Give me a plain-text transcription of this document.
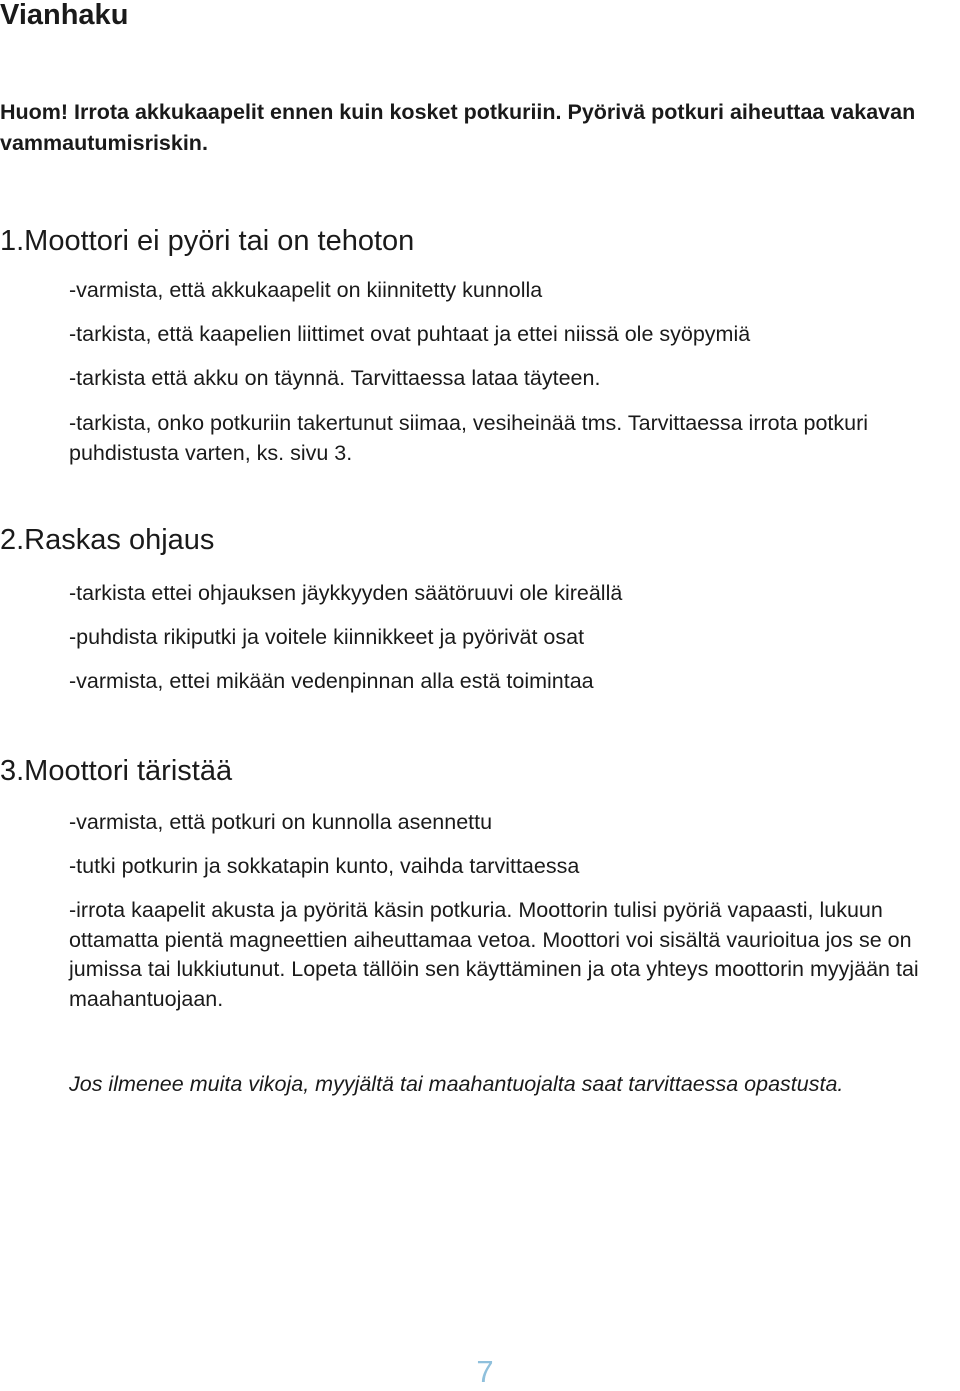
Vianhaku

Huom! Irrota akkukaapelit ennen kuin kosket potkuriin. Pyörivä potkuri aiheuttaa vakavan vammautumisriskin.

1.Moottori ei pyöri tai on tehoton

-varmista, että akkukaapelit on kiinnitetty kunnolla

-tarkista, että kaapelien liittimet ovat puhtaat ja ettei niissä ole syöpymiä

-tarkista että akku on täynnä. Tarvittaessa lataa täyteen.

-tarkista, onko potkuriin takertunut siimaa, vesiheinää tms. Tarvittaessa irrota potkuri puhdistusta varten, ks. sivu 3.

2.Raskas ohjaus

-tarkista ettei ohjauksen jäykkyyden säätöruuvi ole kireällä

-puhdista rikiputki ja voitele kiinnikkeet ja pyörivät osat

-varmista, ettei mikään vedenpinnan alla estä toimintaa

3.Moottori täristää

-varmista, että potkuri on kunnolla asennettu

-tutki potkurin ja sokkatapin kunto, vaihda tarvittaessa

-irrota kaapelit akusta ja pyöritä käsin potkuria. Moottorin tulisi pyöriä vapaasti, lukuun ottamatta pientä magneettien aiheuttamaa vetoa. Moottori voi sisältä vaurioitua jos se on jumissa tai lukkiutunut. Lopeta tällöin sen käyttäminen ja ota yhteys moottorin myyjään tai maahantuojaan.

Jos ilmenee muita vikoja, myyjältä tai maahantuojalta saat tarvittaessa opastusta.

7
